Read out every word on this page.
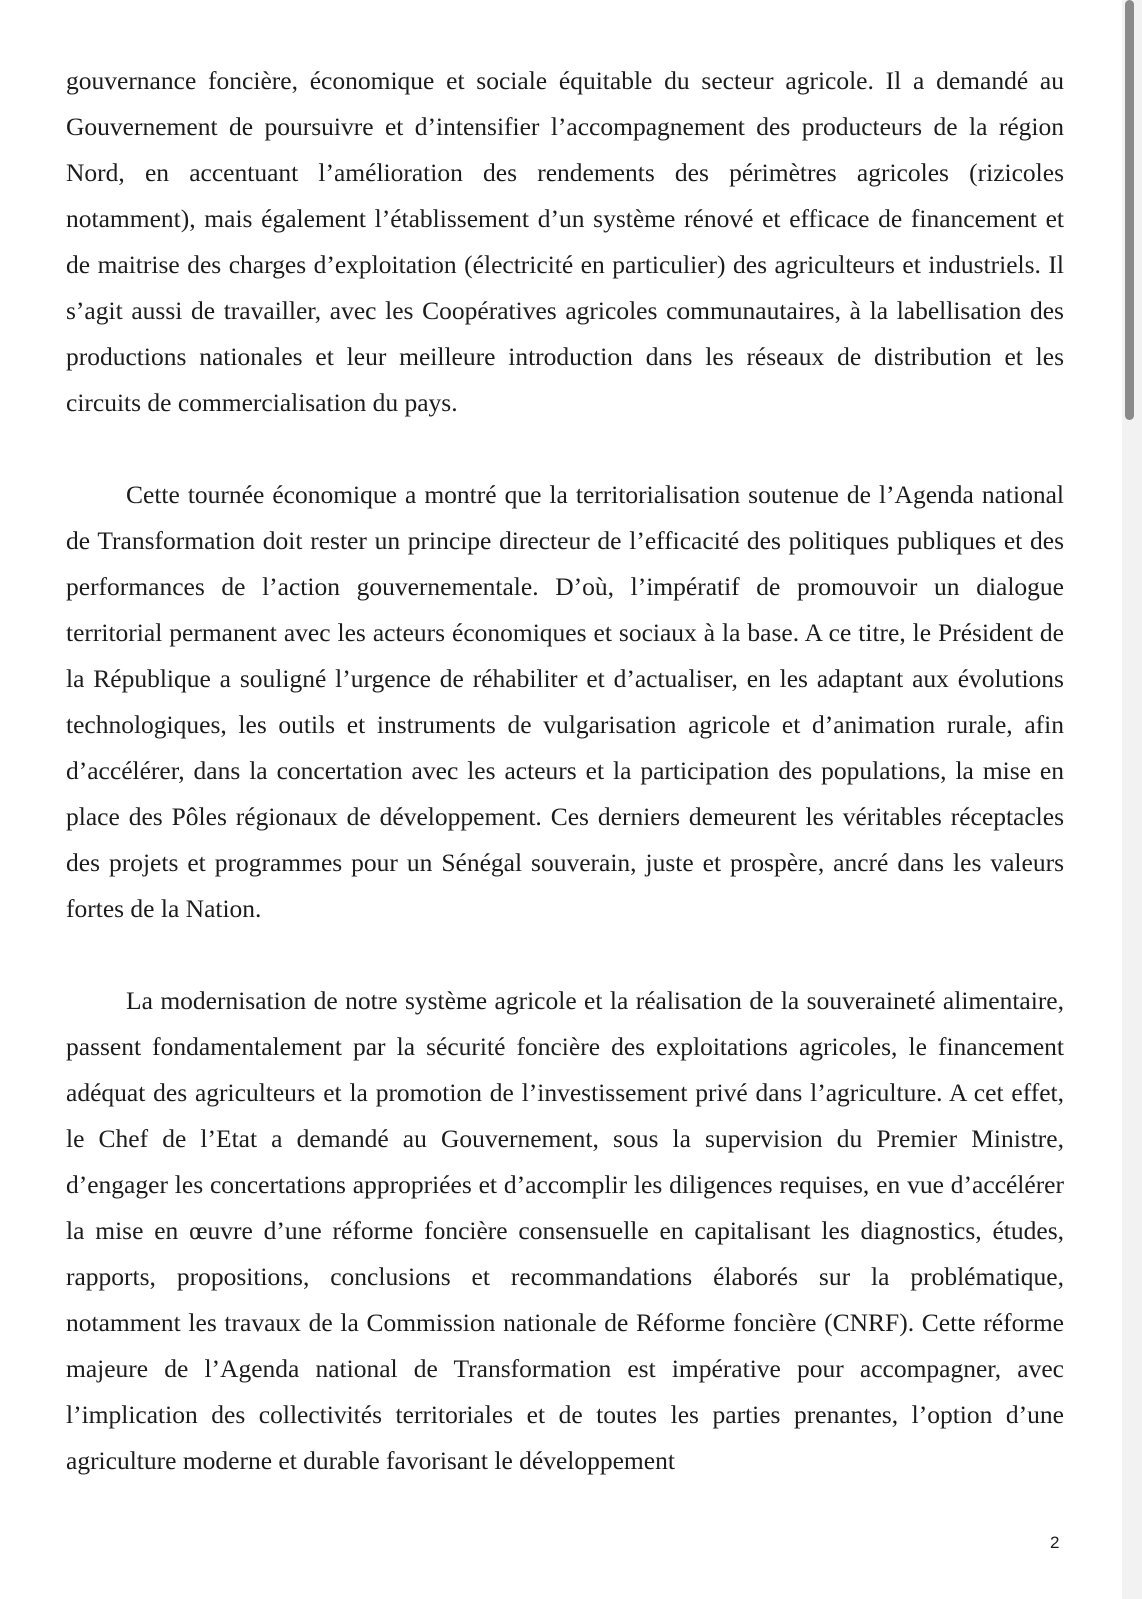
gouvernance foncière, économique et sociale équitable du secteur agricole. Il a demandé au Gouvernement de poursuivre et d’intensifier l’accompagnement des producteurs de la région Nord, en accentuant l’amélioration des rendements des périmètres agricoles (rizicoles notamment), mais également l’établissement d’un système rénové et efficace de financement et de maitrise des charges d’exploitation (électricité en particulier) des agriculteurs et industriels. Il s’agit aussi de travailler, avec les Coopératives agricoles communautaires, à la labellisation des productions nationales et leur meilleure introduction dans les réseaux de distribution et les circuits de commercialisation du pays.

Cette tournée économique a montré que la territorialisation soutenue de l’Agenda national de Transformation doit rester un principe directeur de l’efficacité des politiques publiques et des performances de l’action gouvernementale. D’où, l’impératif de promouvoir un dialogue territorial permanent avec les acteurs économiques et sociaux à la base. A ce titre, le Président de la République a souligné l’urgence de réhabiliter et d’actualiser, en les adaptant aux évolutions technologiques, les outils et instruments de vulgarisation agricole et d’animation rurale, afin d’accélérer, dans la concertation avec les acteurs et la participation des populations, la mise en place des Pôles régionaux de développement. Ces derniers demeurent les véritables réceptacles des projets et programmes pour un Sénégal souverain, juste et prospère, ancré dans les valeurs fortes de la Nation.

La modernisation de notre système agricole et la réalisation de la souveraineté alimentaire, passent fondamentalement par la sécurité foncière des exploitations agricoles, le financement adéquat des agriculteurs et la promotion de l’investissement privé dans l’agriculture. A cet effet, le Chef de l’Etat a demandé au Gouvernement, sous la supervision du Premier Ministre, d’engager les concertations appropriées et d’accomplir les diligences requises, en vue d’accélérer la mise en œuvre d’une réforme foncière consensuelle en capitalisant les diagnostics, études, rapports, propositions, conclusions et recommandations élaborés sur la problématique, notamment les travaux de la Commission nationale de Réforme foncière (CNRF). Cette réforme majeure de l’Agenda national de Transformation est impérative pour accompagner, avec l’implication des collectivités territoriales et de toutes les parties prenantes, l’option d’une agriculture moderne et durable favorisant le développement

2
